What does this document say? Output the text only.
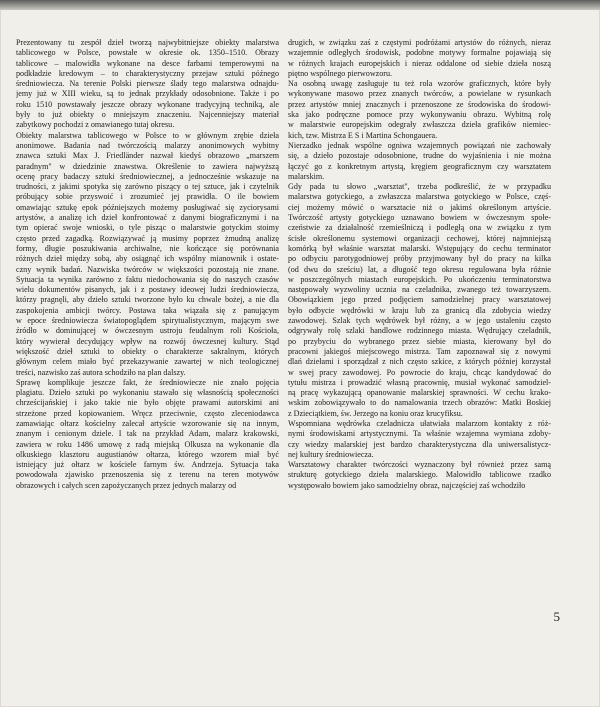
Prezentowany tu zespół dzieł tworzą najwybitniejsze obiekty malarstwa
tablicowego w Polsce, powstałe w okresie ok. 1350–1510. Obrazy
tablicowe – malowidła wykonane na desce farbami temperowymi na
podkładzie kredowym – to charakterystyczny przejaw sztuki późnego
średniowiecza. Na terenie Polski pierwsze ślady tego malarstwa odnajdu-
jemy już w XIII wieku, są to jednak przykłady odosobnione. Także i po
roku 1510 powstawały jeszcze obrazy wykonane tradycyjną techniką, ale
były to już obiekty o mniejszym znaczeniu. Najcenniejszy materiał
zabytkowy pochodzi z omawianego tutaj okresu.
Obiekty malarstwa tablicowego w Polsce to w głównym zrębie dzieła
anonimowe. Badania nad twórczością malarzy anonimowych wybitny
znawca sztuki Max J. Friedländer nazwał kiedyś obrazowo „marszem
paradnym" w dziedzinie znawstwa. Określenie to zawiera najwyższą
ocenę pracy badaczy sztuki średniowiecznej, a jednocześnie wskazuje na
trudności, z jakimi spotyka się zarówno piszący o tej sztuce, jak i czytelnik
próbujący sobie przyswoić i zrozumieć jej prawidła. O ile bowiem
omawiając sztukę epok późniejszych możemy posługiwać się zyciorysami
artystów, a analizę ich dzieł konfrontować z danymi biograficznymi i na
tym opierać swoje wnioski, o tyle pisząc o malarstwie gotyckim stoimy
często przed zagadką. Rozwiązywać ją musimy poprzez żmudną analizę
formy, długie poszukiwania archiwalne, nie kończące się porównania
różnych dzieł między sobą, aby osiągnąć ich wspólny mianownik i ostate-
czny wynik badań. Nazwiska twórców w większości pozostają nie znane.
Sytuacja ta wynika zarówno z faktu niedochowania się do naszych czasów
wielu dokumentów pisanych, jak i z postawy ideowej ludzi średniowiecza,
którzy pragnęli, aby dzieło sztuki tworzone było ku chwale bożej, a nie dla
zaspokojenia ambicji twórcy. Postawa taka wiązała się z panującym
w epoce średniowiecza światopoglądem spirytualistycznym, mającym swe
źródło w dominującej w ówczesnym ustroju feudalnym roli Kościoła,
który wywierał decydujący wpływ na rozwój ówczesnej kultury. Stąd
większość dzieł sztuki to obiekty o charakterze sakralnym, których
głównym celem miało być przekazywanie zawartej w nich teologicznej
treści, nazwisko zaś autora schodziło na plan dalszy.
Sprawę komplikuje jeszcze fakt, że średniowiecze nie znało pojęcia
plagiatu. Dzieło sztuki po wykonaniu stawało się własnością społeczności
chrześcijańskiej i jako takie nie było objęte prawami autorskimi ani
strzeżone przed kopiowaniem. Wręcz przeciwnie, często zleceniodawca
zamawiając ołtarz kościelny zalecał artyście wzorowanie się na innym,
znanym i cenionym dziele. I tak na przykład Adam, malarz krakowski,
zawiera w roku 1486 umowę z radą miejską Olkusza na wykonanie dla
olkuskiego klasztoru augustianów ołtarza, którego wzorem miał być
istniejący już ołtarz w kościele farnym św. Andrzeja. Sytuacja taka
powodowała zjawisko przenoszenia się z terenu na teren motywów
obrazowych i całych scen zapożyczanych przez jednych malarzy od
drugich, w związku zaś z częstymi podróżami artystów do różnych, nieraz
wzajemnie odległych środowisk, podobne motywy formalne pojawiają się
w różnych krajach europejskich i nieraz oddalone od siebie dzieła noszą
piętno wspólnego pierwowzoru.
Na osobną uwagę zasługuje tu też rola wzorów graficznych, które były
wykonywane masowo przez znanych twórców, a powielane w rysunkach
przez artystów mniej znacznych i przenoszone ze środowiska do środowi-
ska jako podręczne pomoce przy wykonywaniu obrazu. Wybitną rolę
w malarstwie europejskim odegrały zwłaszcza dzieła grafików niemiec-
kich, tzw. Mistrza E S i Martina Schongauera.
Nierzadko jednak wspólne ogniwa wzajemnych powiązań nie zachowały
się, a dzieło pozostaje odosobnione, trudne do wyjaśnienia i nie można
łączyć go z konkretnym artystą, kręgiem geograficznym czy warsztatem
malarskim.
Gdy pada tu słowo „warsztat", trzeba podkreślić, że w przypadku
malarstwa gotyckiego, a zwłaszcza malarstwa gotyckiego w Polsce, częś-
ciej możemy mówić o warsztacie niż o jakimś określonym artyście.
Twórczość artysty gotyckiego uznawano bowiem w ówczesnym społe-
czeństwie za działalność rzemieślniczą i podległą ona w związku z tym
ścisłe określonemu systemowi organizacji cechowej, której najmniejszą
komórką był właśnie warsztat malarski. Wstępujący do cechu terminator
po odbyciu parotygodniowej próby przyjmowany był do pracy na kilka
(od dwu do sześciu) lat, a długość tego okresu regulowana była różnie
w poszczególnych miastach europejskich. Po ukończeniu terminatorstwa
następowały wyzwoliny ucznia na czeladnika, zwanego też towarzyszem.
Obowiązkiem jego przed podjęciem samodzielnej pracy warsztatowej
było odbycie wędrówki w kraju lub za granicą dla zdobycia wiedzy
zawodowej. Szlak tych wędrówek był różny, a w jego ustaleniu często
odgrywały rolę szlaki handlowe rodzinnego miasta. Wędrujący czeladnik,
po przybyciu do wybranego przez siebie miasta, kierowany był do
pracowni jakiegoś miejscowego mistrza. Tam zapoznawał się z nowymi
dlań dziełami i sporządzał z nich często szkice, z których później korzystał
w swej pracy zawodowej. Po powrocie do kraju, chcąc kandydować do
tytułu mistrza i prowadzić własną pracownię, musiał wykonać samodziel-
ną pracę wykazującą opanowanie malarskiej sprawności. W cechu krako-
wskim zobowiązywało to do namalowania trzech obrazów: Matki Boskiej
z Dzieciątkiem, św. Jerzego na koniu oraz krucyfiksu.
Wspomniana wędrówka czeladnicza ułatwiała malarzom kontakty z róż-
nymi środowiskami artystycznymi. Ta właśnie wzajemna wymiana zdoby-
czy wiedzy malarskiej jest bardzo charakterystyczna dla uniwersalistycz-
nej kultury średniowiecza.
Warsztatowy charakter twórczości wyznaczony był również przez samą
strukturę gotyckiego dzieła malarskiego. Malowidło tablicowe rzadko
występowało bowiem jako samodzielny obraz, najczęściej zaś wchodziło
5
